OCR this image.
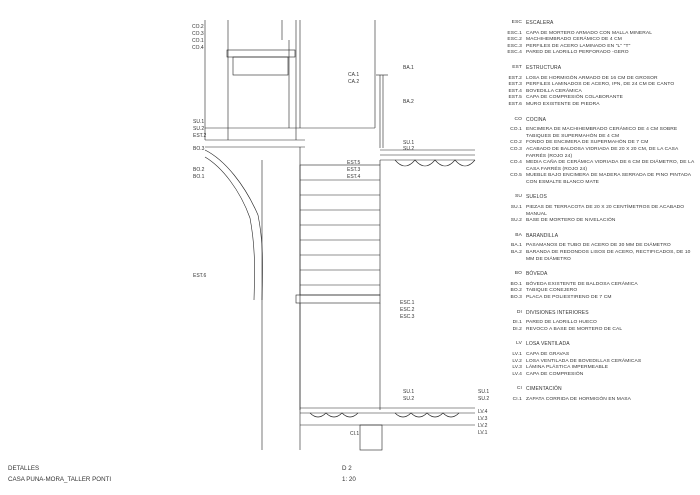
CO.2
CO.3
CO.1
CO.4
CA.1
CA.2
BA.1
BA.2
SU.1
SU.2
EST.2
BO.3
BO.2
BO.1
EST.6
SU.1
SU.2
EST.5
EST.3
EST.4
ESC.1
ESC.2
ESC.3
SU.1
SU.2
SU.1
SU.2
LV.4
LV.3
LV.2
LV.1
CI.1
ESC ESCALERA
ESC.1 CAPA DE MORTERO ARMADO CON MALLA MINERAL
ESC.2 MACHIHEMBRADO CERÁMICO DE 4 CM
ESC.3 PERFILES DE ACERO LAMINADO EN "L" "T"
ESC.4 PARED DE LADRILLO PERFORADO -GERO
EST ESTRUCTURA
EST.2 LOSA DE HORMIGÓN ARMADO DE 16 CM DE GROSOR
EST.3 PERFILES LAMINADOS DE ACERO, IPN, DE 24 CM DE CANTO
EST.4 BOVEDILLA CERÁMICA
EST.5 CAPA DE COMPRESIÓN COLABORANTE
EST.6 MURO EXISTENTE DE PIEDRA
CO COCINA
CO.1 ENCIMERA DE MACHIHEMBRADO CERÁMICO DE 4 CM SOBRE TABIQUES DE SUPERMAHÓN DE 4 CM
CO.2 FONDO DE ENCIMERA DE SUPERMAHÓN DE 7 CM
CO.3 ACABADO DE BALDOSA VIDRIADA DE 20 X 20 CM, DE LA CASA FARRÉS (ROJO 24)
CO.4 MEDIA CAÑA DE CERÁMICA VIDRIADA DE 6 CM DE DIÁMETRO, DE LA CASA FARRÉS (ROJO 24)
CO.5 MUEBLE BAJO ENCIMERA DE MADERA SERRADA DE PINO PINTADA CON ESMALTE BLANCO MATE
SU SUELOS
SU.1 PIEZAS DE TERRACOTA DE 20 X 20 CENTÍMETROS DE ACABADO MANUAL
SU.2 BASE DE MORTERO DE NIVELACIÓN
BA BARANDILLA
BA.1 PASAMANOS DE TUBO DE ACERO DE 30 MM DE DIÁMETRO
BA.2 BARANDA DE REDONDOS LISOS DE ACERO, RECTIFICADOS, DE 10 MM DE DIÁMETRO
BO BÓVEDA
BO.1 BÓVEDA EXISTENTE DE BALDOSA CERÁMICA
BO.2 TABIQUE CONEJERO
BO.3 PLACA DE POLIESTIRENO DE 7 CM
DI DIVISIONES INTERIORES
DI.1 PARED DE LADRILLO HUECO
DI.2 REVOCO A BASE DE MORTERO DE CAL
LV LOSA VENTILADA
LV.1 CAPA DE GRAVAS
LV.2 LOSA VENTILADA DE BOVEDILLAS CERÁMICAS
LV.3 LÁMINA PLÁSTICA IMPERMEABLE
LV.4 CAPA DE COMPRESIÓN
CI CIMENTACIÓN
CI.1 ZAPATA CORRIDA DE HORMIGÓN EN MASA
DETALLES
CASA PUNA-MORA_TALLER PONTI
D 2
1: 20
